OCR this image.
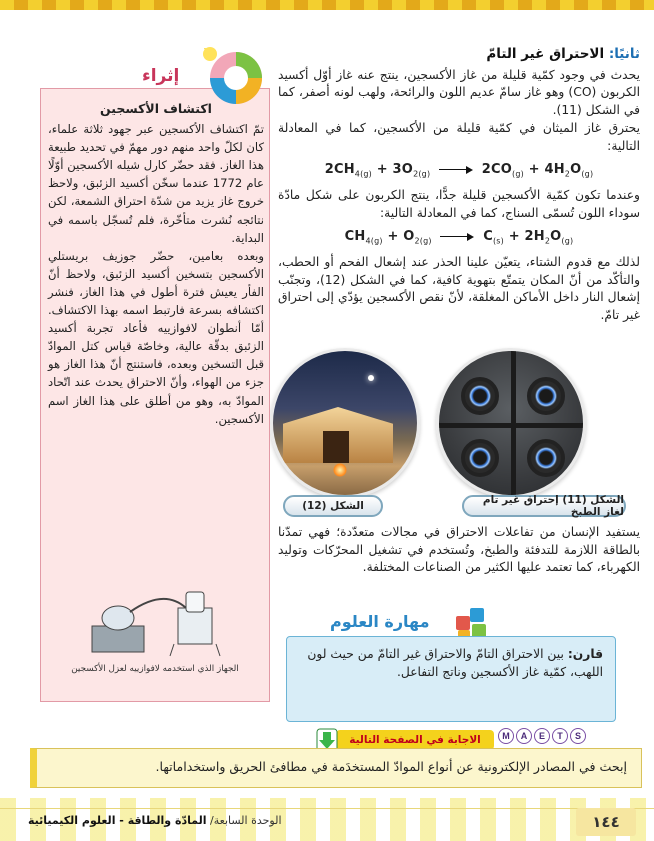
ثانيًا: الاحتراق غير التامّ

يحدث في وجود كمّية قليلة من غاز الأكسجين، ينتج عنه غاز أوّل أكسيد الكربون (CO) وهو غاز سامّ عديم اللون والرائحة، ولهب لونه أصفر، كما في الشكل (11).

يحترق غاز الميثان في كمّية قليلة من الأكسجين، كما في المعادلة التالية:

$2CH_{4(g)} + 3O_{2(g)}$	$2CO_{(g)} + 4H_2O_{(g)}$

وعندما تكون كمّية الأكسجين قليلة جدًّا، ينتج الكربون على شكل مادّة سوداء اللون تُسمّى السناج، كما في المعادلة التالية:

$CH_{4(g)} + O_{2(g)}$	$C_{(s)} + 2H_2O_{(g)}$

لذلك مع قدوم الشتاء، يتعيّن علينا الحذر عند إشعال الفحم أو الحطب، والتأكّد من أنّ المكان يتمتّع بتهوية كافية، كما في الشكل (12)، وتجنّب إشعال النار داخل الأماكن المغلقة، لأنّ نقص الأكسجين يؤدّي إلى احتراق غير تامّ.

الشكل (11) إحتراق غير تام لغاز الطبخ
الشكل (12)

يستفيد الإنسان من تفاعلات الاحتراق في مجالات متعدّدة؛ فهي تمدّنا بالطاقة اللازمة للتدفئة والطبخ، وتُستخدم في تشغيل المحرّكات وتوليد الكهرباء، كما تعتمد عليها الكثير من الصناعات المختلفة.

مهارة العلوم
قارن: بين الاحتراق التامّ والاحتراق غير التامّ من حيث لون اللهب، كمّية غاز الأكسجين وناتج التفاعل.
إثراء
اكتشاف الأكسجين

تمّ اكتشاف الأكسجين عبر جهود ثلاثة علماء، كان لكلّ واحد منهم دور مهمّ في تحديد طبيعة هذا الغاز. فقد حضّر كارل شيله الأكسجين أوّلًا عام 1772 عندما سخّن أكسيد الزئبق، ولاحظ خروج غاز يزيد من شدّة احتراق الشمعة، لكن نتائجه نُشرت متأخّرة، فلم تُسجّل باسمه في البداية.

وبعده بعامين، حضّر جوزيف بريستلي الأكسجين بتسخين أكسيد الزئبق، ولاحظ أنّ الفأر يعيش فترة أطول في هذا الغاز، فنشر اكتشافه بسرعة فارتبط اسمه بهذا الاكتشاف. أمّا أنطوان لافوازييه فأعاد تجربة أكسيد الزئبق بدقّة عالية، وخاصّة قياس كتل الموادّ قبل التسخين وبعده، فاستنتج أنّ هذا الغاز هو جزء من الهواء، وأنّ الاحتراق يحدث عند اتّحاد الموادّ به، وهو من أطلق على هذا الغاز اسم الأكسجين.

الجهاز الذي استخدمه لافوازييه لعزل الأكسجين
M	A	E	T	S
الاجابة في الصفحة التالية
إبحث في المصادر الإلكترونية عن أنواع الموادّ المستخدَمة في مطافئ الحريق واستخداماتها.
١٤٤
الوحدة السابعة/ المادّة والطاقة - العلوم الكيميائية
